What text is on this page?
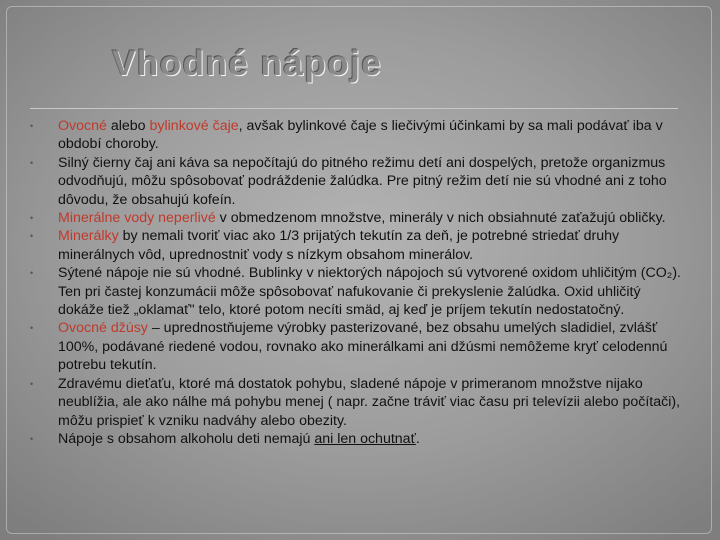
Vhodné nápoje
• Ovocné alebo bylinkové čaje, avšak bylinkové čaje s liečivými účinkami by sa mali podávať iba v období choroby.
• Silný čierny čaj ani káva sa nepočítajú do pitného režimu detí ani dospelých, pretože organizmus odvodňujú, môžu spôsobovať podráždenie žalúdka. Pre pitný režim detí nie sú vhodné ani z toho dôvodu, že obsahujú kofeín.
• Minerálne vody neperlivé v obmedzenom množstve, minerály v nich obsiahnuté zaťažujú obličky.
• Minerálky by nemali tvoriť viac ako 1/3 prijatých tekutín za deň, je potrebné striedať druhy minerálnych vôd, uprednostniť vody s nízkym obsahom minerálov.
• Sýtené nápoje nie sú vhodné. Bublinky v niektorých nápojoch sú vytvorené oxidom uhličitým (CO₂). Ten pri častej konzumácii môže spôsobovať nafukovanie či prekyslenie žalúdka. Oxid uhličitý dokáže tiež „oklamať" telo, ktoré potom necíti smäd, aj keď je príjem tekutín nedostatočný.
• Ovocné džúsy – uprednostňujeme výrobky pasterizované, bez obsahu umelých sladidiel, zvlášť 100%, podávané riedené vodou, rovnako ako minerálkami ani džúsmi nemôžeme kryť celodennú potrebu tekutín.
• Zdravému dieťaťu, ktoré má dostatok pohybu, sladené nápoje v primeranom množstve nijako neublížia, ale ako nálhe má pohybu menej ( napr. začne tráviť viac času pri televízii alebo počítači), môžu prispieť k vzniku nadváhy alebo obezity.
• Nápoje s obsahom alkoholu deti nemajú ani len ochutnať.
